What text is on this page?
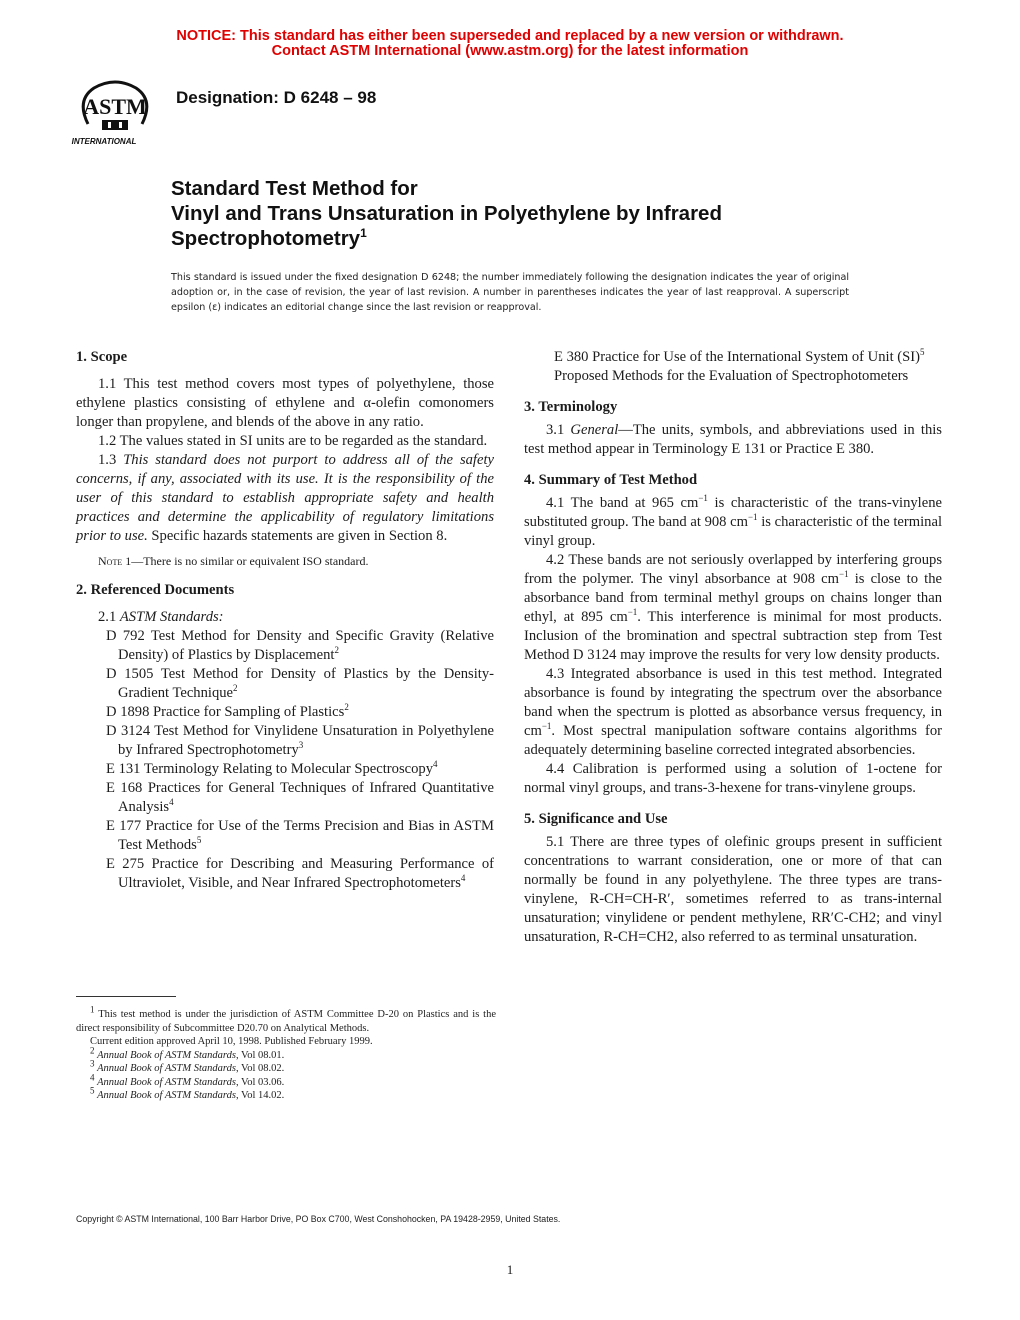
NOTICE: This standard has either been superseded and replaced by a new version or withdrawn.
Contact ASTM International (www.astm.org) for the latest information
ASTM
INTERNATIONAL
Designation: D 6248 – 98
Standard Test Method for
Vinyl and Trans Unsaturation in Polyethylene by Infrared
Spectrophotometry$^1$
This standard is issued under the fixed designation D 6248; the number immediately following the designation indicates the year of original adoption or, in the case of revision, the year of last revision. A number in parentheses indicates the year of last reapproval. A superscript epsilon (ε) indicates an editorial change since the last revision or reapproval.
1. Scope

1.1 This test method covers most types of polyethylene, those ethylene plastics consisting of ethylene and α-olefin comonomers longer than propylene, and blends of the above in any ratio.

1.2 The values stated in SI units are to be regarded as the standard.

1.3 This standard does not purport to address all of the safety concerns, if any, associated with its use. It is the responsibility of the user of this standard to establish appropriate safety and health practices and determine the applicability of regulatory limitations prior to use. Specific hazards statements are given in Section 8.

Note 1—There is no similar or equivalent ISO standard.

2. Referenced Documents

2.1 ASTM Standards:

D 792 Test Method for Density and Specific Gravity (Relative Density) of Plastics by Displacement$^2$
D 1505 Test Method for Density of Plastics by the Density-Gradient Technique$^2$
D 1898 Practice for Sampling of Plastics$^2$
D 3124 Test Method for Vinylidene Unsaturation in Polyethylene by Infrared Spectrophotometry$^3$
E 131 Terminology Relating to Molecular Spectroscopy$^4$
E 168 Practices for General Techniques of Infrared Quantitative Analysis$^4$
E 177 Practice for Use of the Terms Precision and Bias in ASTM Test Methods$^5$
E 275 Practice for Describing and Measuring Performance of Ultraviolet, Visible, and Near Infrared Spectrophotometers$^4$
$^1$ This test method is under the jurisdiction of ASTM Committee D-20 on Plastics and is the direct responsibility of Subcommittee D20.70 on Analytical Methods.
Current edition approved April 10, 1998. Published February 1999.
$^2$ Annual Book of ASTM Standards, Vol 08.01.
$^3$ Annual Book of ASTM Standards, Vol 08.02.
$^4$ Annual Book of ASTM Standards, Vol 03.06.
$^5$ Annual Book of ASTM Standards, Vol 14.02.
E 380 Practice for Use of the International System of Unit (SI)$^5$
Proposed Methods for the Evaluation of Spectrophotometers
3. Terminology

3.1 General—The units, symbols, and abbreviations used in this test method appear in Terminology E 131 or Practice E 380.

4. Summary of Test Method

4.1 The band at 965 $cm^{-1}$ is characteristic of the trans-vinylene substituted group. The band at 908 $cm^{-1}$ is characteristic of the terminal vinyl group.

4.2 These bands are not seriously overlapped by interfering groups from the polymer. The vinyl absorbance at 908 $cm^{-1}$ is close to the absorbance band from terminal methyl groups on chains longer than ethyl, at 895 $cm^{-1}$. This interference is minimal for most products. Inclusion of the bromination and spectral subtraction step from Test Method D 3124 may improve the results for very low density products.

4.3 Integrated absorbance is used in this test method. Integrated absorbance is found by integrating the spectrum over the absorbance band when the spectrum is plotted as absorbance versus frequency, in $cm^{-1}$. Most spectral manipulation software contains algorithms for adequately determining baseline corrected integrated absorbencies.

4.4 Calibration is performed using a solution of 1-octene for normal vinyl groups, and trans-3-hexene for trans-vinylene groups.

5. Significance and Use

5.1 There are three types of olefinic groups present in sufficient concentrations to warrant consideration, one or more of that can normally be found in any polyethylene. The three types are trans-vinylene, R-CH=CH-R′, sometimes referred to as trans-internal unsaturation; vinylidene or pendent methylene, RR′C-CH2; and vinyl unsaturation, R-CH=CH2, also referred to as terminal unsaturation.

Copyright © ASTM International, 100 Barr Harbor Drive, PO Box C700, West Conshohocken, PA 19428-2959, United States.
1
